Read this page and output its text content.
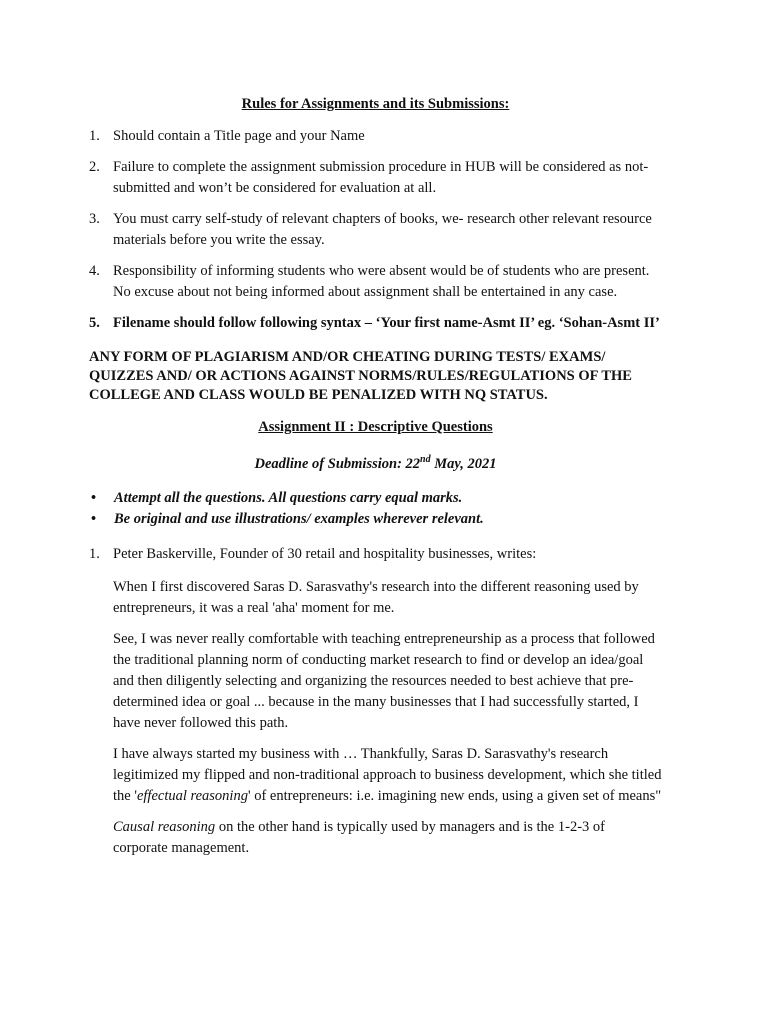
Rules for Assignments and its Submissions:
1. Should contain a Title page and your Name
2. Failure to complete the assignment submission procedure in HUB will be considered as not-submitted and won’t be considered for evaluation at all.
3. You must carry self-study of relevant chapters of books, we- research other relevant resource materials before you write the essay.
4. Responsibility of informing students who were absent would be of students who are present. No excuse about not being informed about assignment shall be entertained in any case.
5. Filename should follow following syntax – ‘Your first name-Asmt II’ eg. ‘Sohan-Asmt II’
ANY FORM OF PLAGIARISM AND/OR CHEATING DURING TESTS/ EXAMS/ QUIZZES AND/ OR ACTIONS AGAINST NORMS/RULES/REGULATIONS OF THE COLLEGE AND CLASS WOULD BE PENALIZED WITH NQ STATUS.
Assignment II : Descriptive Questions
Deadline of Submission: 22nd May, 2021
•	Attempt all the questions. All questions carry equal marks.
•	Be original and use illustrations/ examples wherever relevant.
1. Peter Baskerville, Founder of 30 retail and hospitality businesses, writes:
When I first discovered Saras D. Sarasvathy's research into the different reasoning used by entrepreneurs, it was a real 'aha' moment for me.
See, I was never really comfortable with teaching entrepreneurship as a process that followed the traditional planning norm of conducting market research to find or develop an idea/goal and then diligently selecting and organizing the resources needed to best achieve that pre-determined idea or goal ... because in the many businesses that I had successfully started, I have never followed this path.
I have always started my business with … Thankfully, Saras D. Sarasvathy's research legitimized my flipped and non-traditional approach to business development, which she titled the 'effectual reasoning' of entrepreneurs: i.e. imagining new ends, using a given set of means"
Causal reasoning on the other hand is typically used by managers and is the 1-2-3 of corporate management.
